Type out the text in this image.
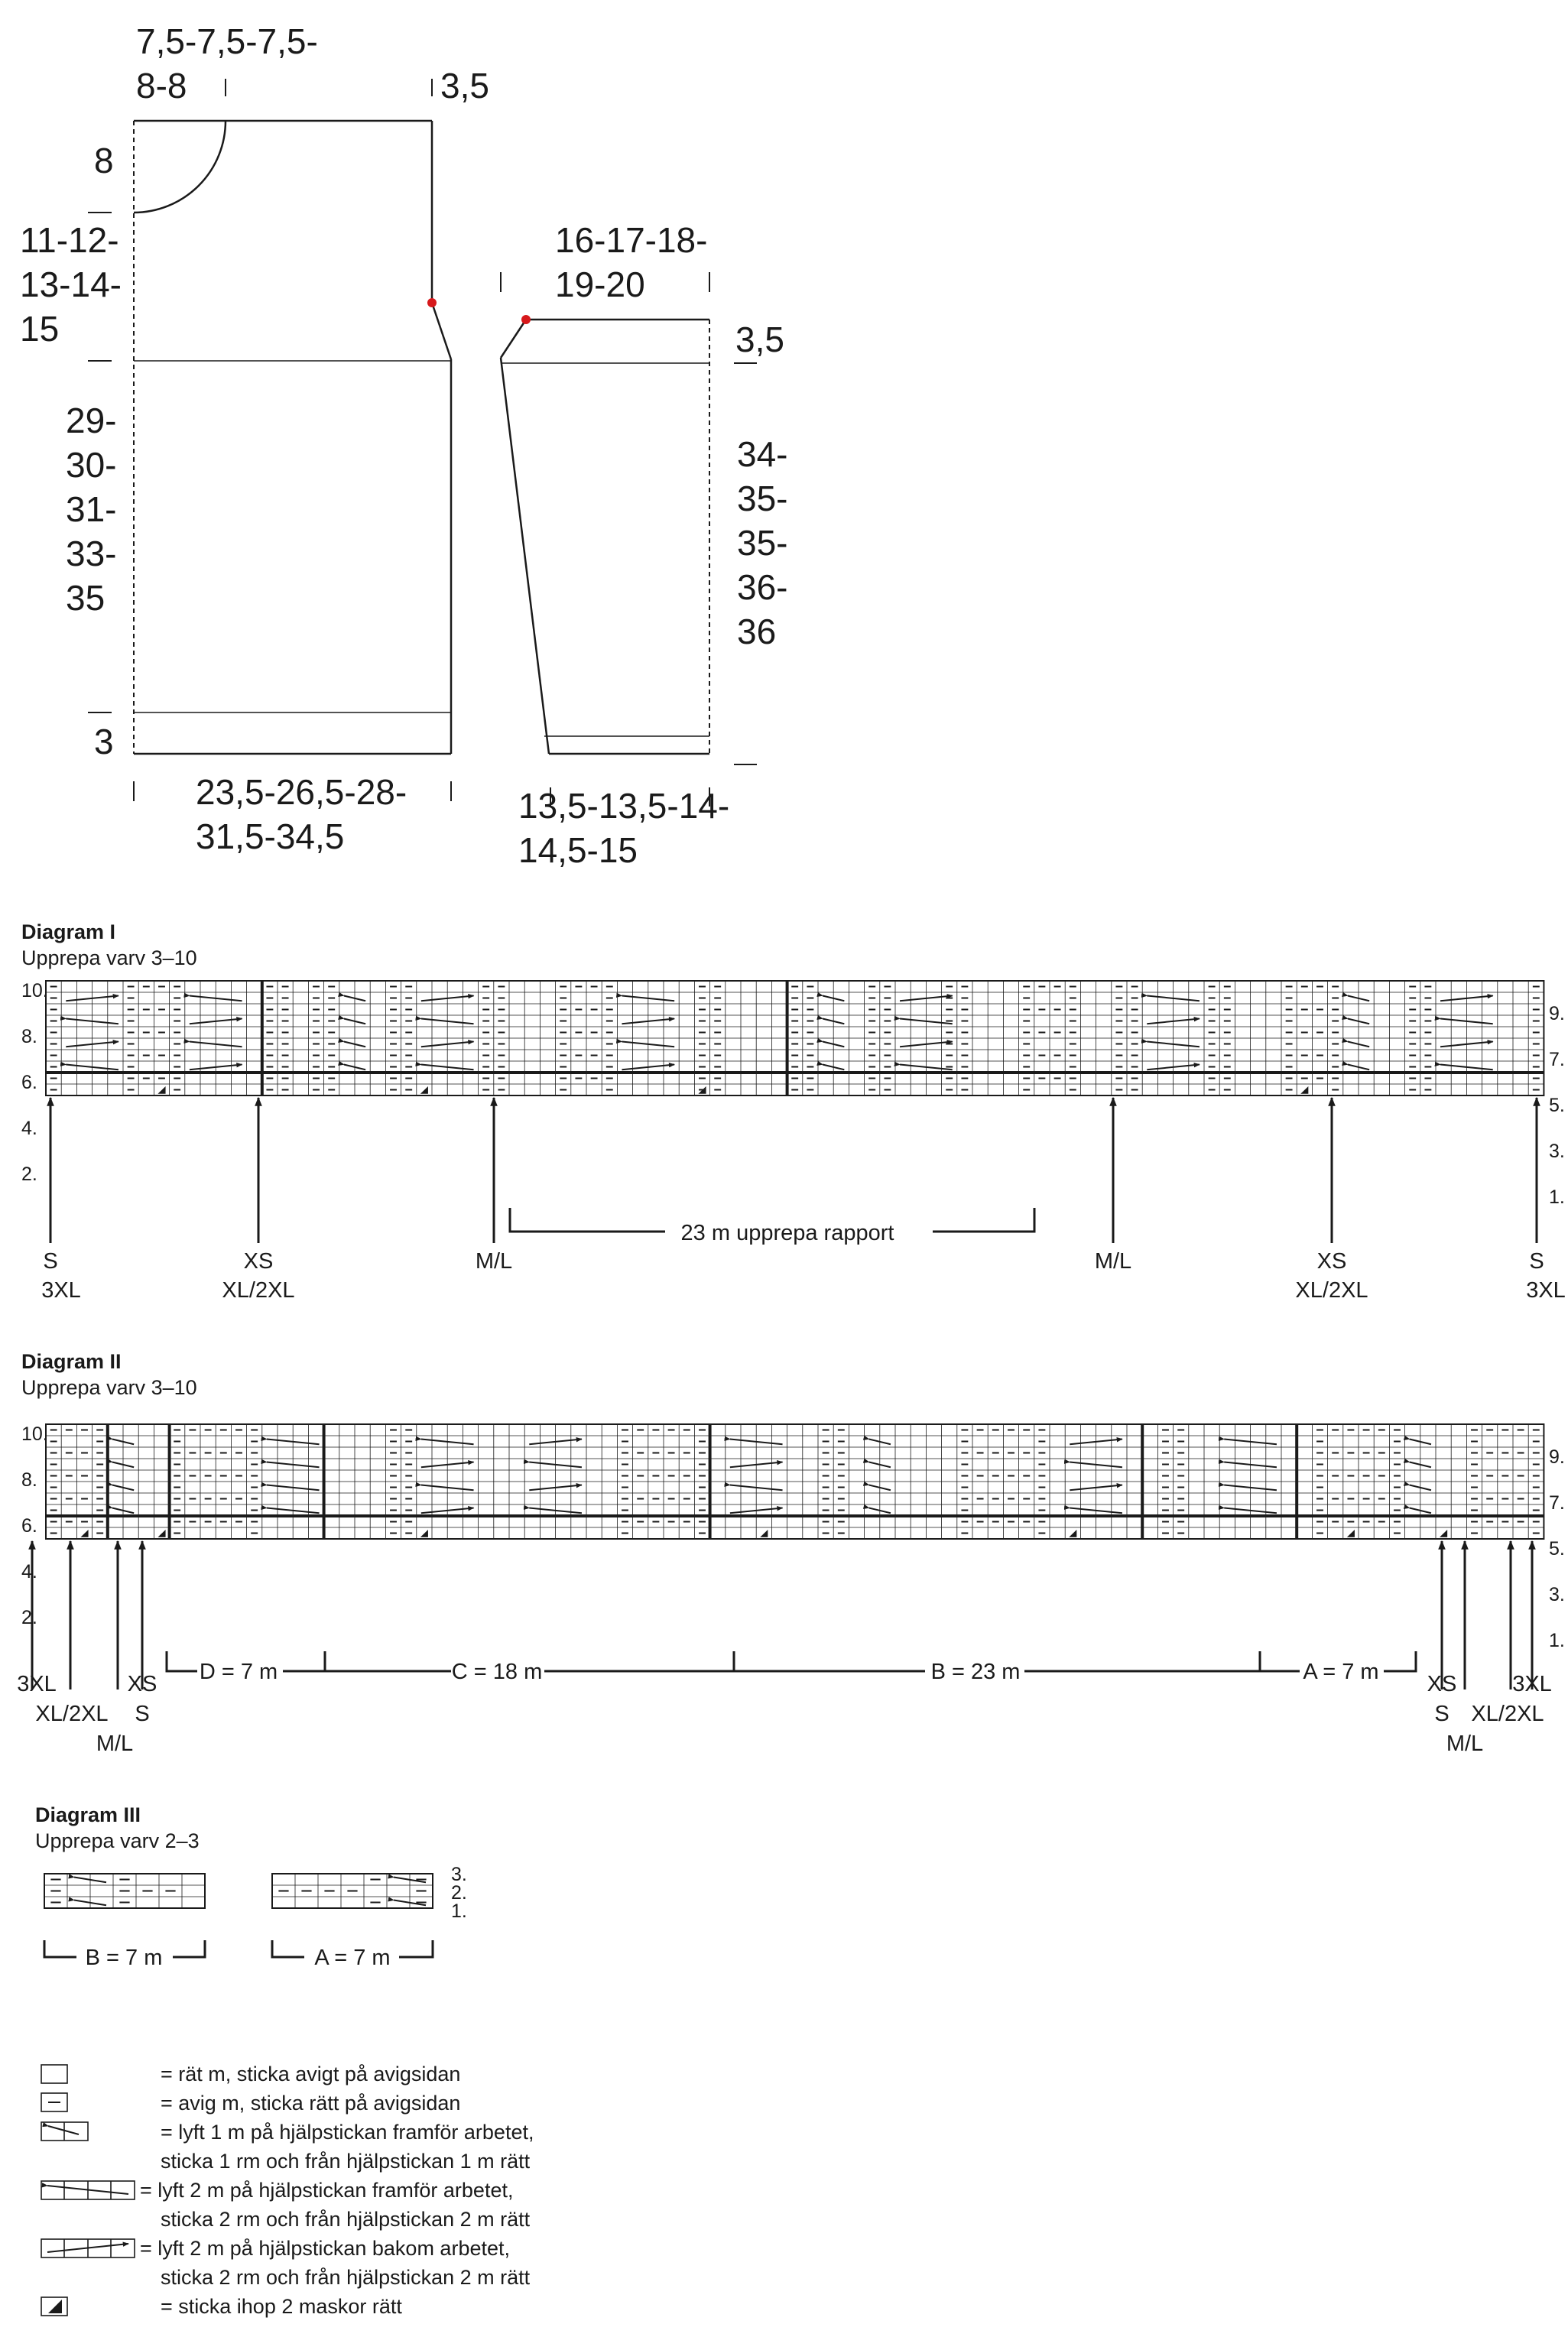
7,5-7,5-7,5-
8-8	3,5
8
11-12-
13-14-
15
29-
30-
31-
33-
35
3
23,5-26,5-28-
31,5-34,5
16-17-18-
19-20
3,5
34-
35-
35-
36-
36
13,5-13,5-14-
14,5-15
Diagram I
Upprepa varv 3–10
10.
8.
6.
4.
2.
9.
7.
5.
3.
1.
23 m upprepa rapport
S
3XL
XS
XL/2XL
M/L	M/L	XS
XL/2XL
S
3XL
Diagram II
Upprepa varv 3–10
10.
8.
6.
4.
2.
9.
7.
5.
3.
1.
D = 7 m	C = 18 m	B = 23 m	A = 7 m
3XL
XL/2XL
M/L
XS
S
XS
S
M/L
3XL
XL/2XL
Diagram III
Upprepa varv 2–3
3.
2.
1.
B = 7 m	A = 7 m
= rät m, sticka avigt på avigsidan
= avig m, sticka rätt på avigsidan
= lyft 1 m på hjälpstickan framför arbetet,
sticka 1 rm och från hjälpstickan 1 m rätt
= lyft 2 m på hjälpstickan framför arbetet,
sticka 2 rm och från hjälpstickan 2 m rätt
= lyft 2 m på hjälpstickan bakom arbetet,
sticka 2 rm och från hjälpstickan 2 m rätt
= sticka ihop 2 maskor rätt
